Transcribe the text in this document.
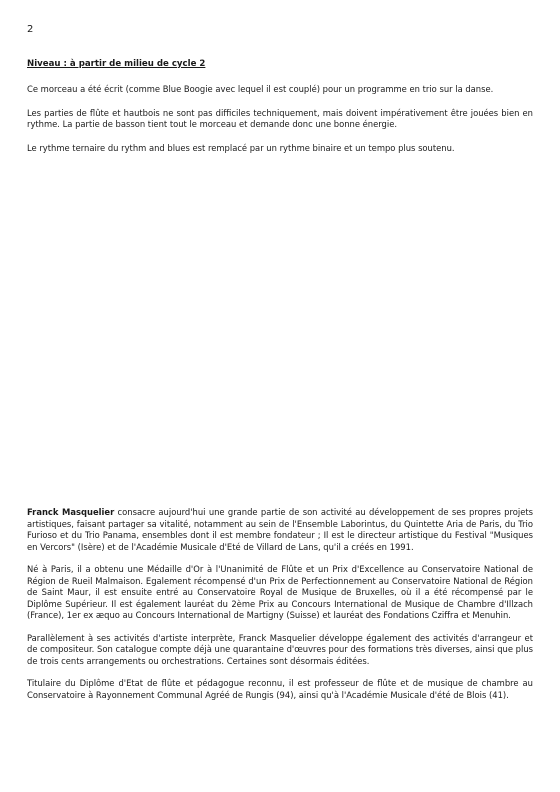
2
Niveau : à partir de milieu de cycle 2

Ce morceau a été écrit (comme Blue Boogie avec lequel il est couplé) pour un programme en trio sur la danse.

Les parties de flûte et hautbois ne sont pas difficiles techniquement, mais doivent impérativement être jouées bien en rythme. La partie de basson tient tout le morceau et demande donc une bonne énergie.

Le rythme ternaire du rythm and blues est remplacé par un rythme binaire et un tempo plus soutenu.

Franck Masquelier consacre aujourd'hui une grande partie de son activité au développement de ses propres projets artistiques, faisant partager sa vitalité, notamment au sein de l'Ensemble Laborintus, du Quintette Aria de Paris, du Trio Furioso et du Trio Panama, ensembles dont il est membre fondateur ; Il est le directeur artistique du Festival "Musiques en Vercors" (Isère) et de l'Académie Musicale d'Eté de Villard de Lans, qu'il a créés en 1991.

Né à Paris, il a obtenu une Médaille d'Or à l'Unanimité de Flûte et un Prix d'Excellence au Conservatoire National de Région de Rueil Malmaison. Egalement récompensé d'un Prix de Perfectionnement au Conservatoire National de Région de Saint Maur, il est ensuite entré au Conservatoire Royal de Musique de Bruxelles, où il a été récompensé par le Diplôme Supérieur. Il est également lauréat du 2ème Prix au Concours International de Musique de Chambre d'Illzach (France), 1er ex æquo au Concours International de Martigny (Suisse) et lauréat des Fondations Cziffra et Menuhin.

Parallèlement à ses activités d'artiste interprète, Franck Masquelier développe également des activités d'arrangeur et de compositeur. Son catalogue compte déjà une quarantaine d'œuvres pour des formations très diverses, ainsi que plus de trois cents arrangements ou orchestrations. Certaines sont désormais éditées.

Titulaire du Diplôme d'Etat de flûte et pédagogue reconnu, il est professeur de flûte et de musique de chambre au Conservatoire à Rayonnement Communal Agréé de Rungis (94), ainsi qu'à l'Académie Musicale d'été de Blois (41).
